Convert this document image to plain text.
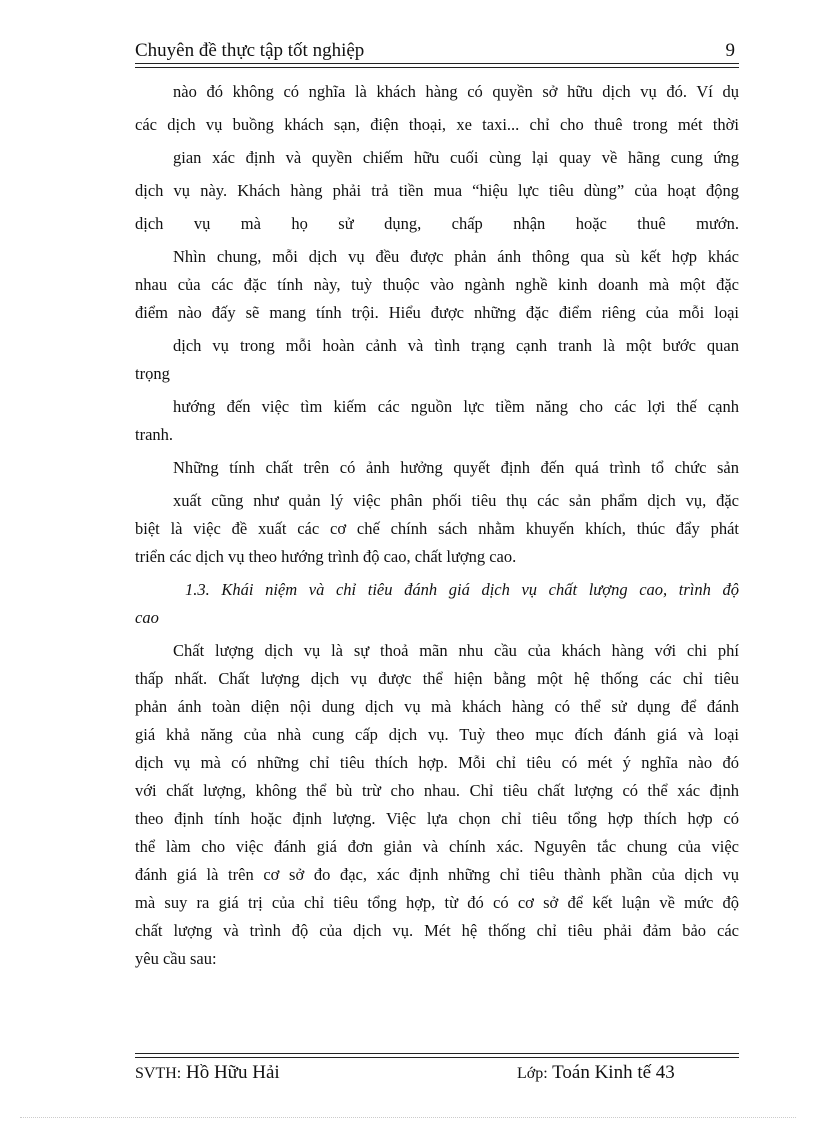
Chuyên đề thực tập tốt nghiệp	9
nào đó không có nghĩa là khách hàng có quyền sở hữu dịch vụ đó. Ví dụ
các dịch vụ buồng khách sạn, điện thoại, xe taxi... chỉ cho thuê trong mét thời
gian xác định và quyền chiếm hữu cuối cùng lại quay về hãng cung ứng
dịch vụ này. Khách hàng phải trả tiền mua “hiệu lực tiêu dùng” của hoạt động
dịch vụ mà họ sử dụng, chấp nhận hoặc thuê mướn.
Nhìn chung, mỗi dịch vụ đều được phản ánh thông qua sù kết hợp khác
nhau của các đặc tính này, tuỳ thuộc vào ngành nghề kinh doanh mà một đặc
điểm nào đấy sẽ mang tính trội. Hiểu được những đặc điểm riêng của mỗi loại
dịch vụ trong mỗi hoàn cảnh và tình trạng cạnh tranh là một bước quan
trọng
hướng đến việc tìm kiếm các nguồn lực tiềm năng cho các lợi thế cạnh
tranh.
Những tính chất trên có ảnh hưởng quyết định đến quá trình tổ chức sản
xuất cũng như quản lý việc phân phối tiêu thụ các sản phẩm dịch vụ, đặc
biệt là việc đề xuất các cơ chế chính sách nhằm khuyến khích, thúc đẩy phát
triển các dịch vụ theo hướng trình độ cao, chất lượng cao.
1.3. Khái niệm và chỉ tiêu đánh giá dịch vụ chất lượng cao, trình độ
cao
Chất lượng dịch vụ là sự thoả mãn nhu cầu của khách hàng với chi phí
thấp nhất. Chất lượng dịch vụ được thể hiện bằng một hệ thống các chỉ tiêu
phản ánh toàn diện nội dung dịch vụ mà khách hàng có thể sử dụng để đánh
giá khả năng của nhà cung cấp dịch vụ. Tuỳ theo mục đích đánh giá và loại
dịch vụ mà có những chỉ tiêu thích hợp. Mỗi chỉ tiêu có mét ý nghĩa nào đó
với chất lượng, không thể bù trừ cho nhau. Chỉ tiêu chất lượng có thể xác định
theo định tính hoặc định lượng. Việc lựa chọn chỉ tiêu tổng hợp thích hợp có
thể làm cho việc đánh giá đơn giản và chính xác. Nguyên tắc chung của việc
đánh giá là trên cơ sở đo đạc, xác định những chỉ tiêu thành phần của dịch vụ
mà suy ra giá trị của chỉ tiêu tổng hợp, từ đó có cơ sở để kết luận về mức độ
chất lượng và trình độ của dịch vụ. Mét hệ thống chỉ tiêu phải đảm bảo các
yêu cầu sau:
SVTH: Hồ Hữu Hải	Lớp: Toán Kinh tế 43
